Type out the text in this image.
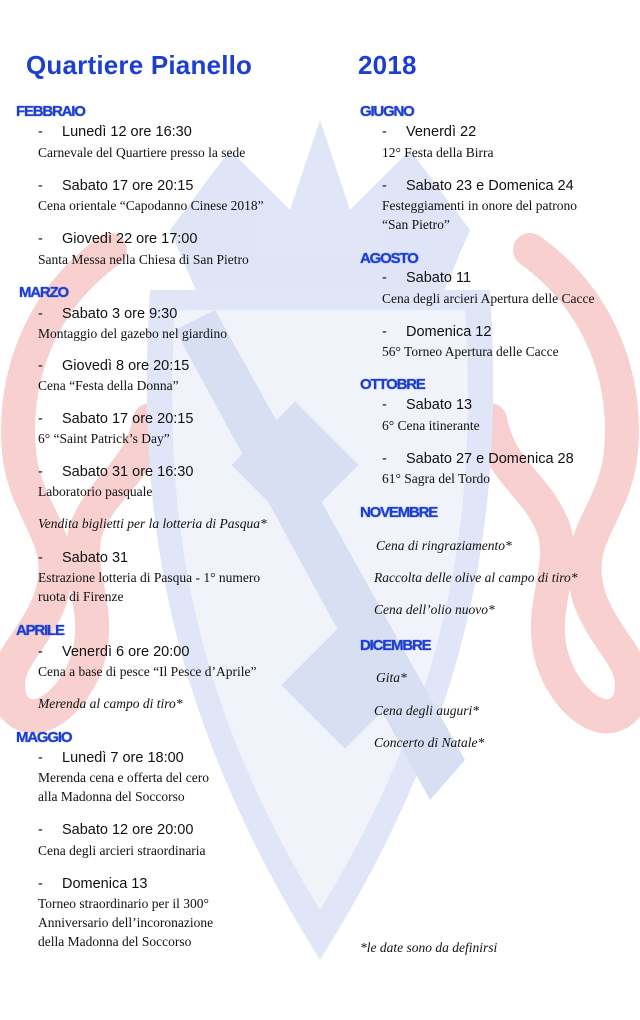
Quartiere Pianello
FEBBRAIO
- Lunedì 12 ore 16:30
Carnevale del Quartiere presso la sede
- Sabato 17 ore 20:15
Cena orientale “Capodanno Cinese 2018”
- Giovedì 22 ore 17:00
Santa Messa nella Chiesa di San Pietro
MARZO
- Sabato 3 ore 9:30
Montaggio del gazebo nel giardino
- Giovedì 8 ore 20:15
Cena “Festa della Donna”
- Sabato 17 ore 20:15
6° “Saint Patrick’s Day”
- Sabato 31 ore 16:30
Laboratorio pasquale
Vendita biglietti per la lotteria di Pasqua*
- Sabato 31
Estrazione lotteria di Pasqua - 1° numero
ruota di Firenze
APRILE
- Venerdì 6 ore 20:00
Cena a base di pesce “Il Pesce d’Aprile”
Merenda al campo di tiro*
MAGGIO
- Lunedì 7 ore 18:00
Merenda cena e offerta del cero
alla Madonna del Soccorso
- Sabato 12 ore 20:00
Cena degli arcieri straordinaria
- Domenica 13
Torneo straordinario per il 300°
Anniversario dell’incoronazione
della Madonna del Soccorso
2018
GIUGNO
- Venerdì 22
12° Festa della Birra
- Sabato 23 e Domenica 24
Festeggiamenti in onore del patrono
“San Pietro”
AGOSTO
- Sabato 11
Cena degli arcieri Apertura delle Cacce
- Domenica 12
56° Torneo Apertura delle Cacce
OTTOBRE
- Sabato 13
6° Cena itinerante
- Sabato 27 e Domenica 28
61° Sagra del Tordo
NOVEMBRE
Cena di ringraziamento*
Raccolta delle olive al campo di tiro*
Cena dell’olio nuovo*
DICEMBRE
Gita*
Cena degli auguri*
Concerto di Natale*
*le date sono da definirsi
